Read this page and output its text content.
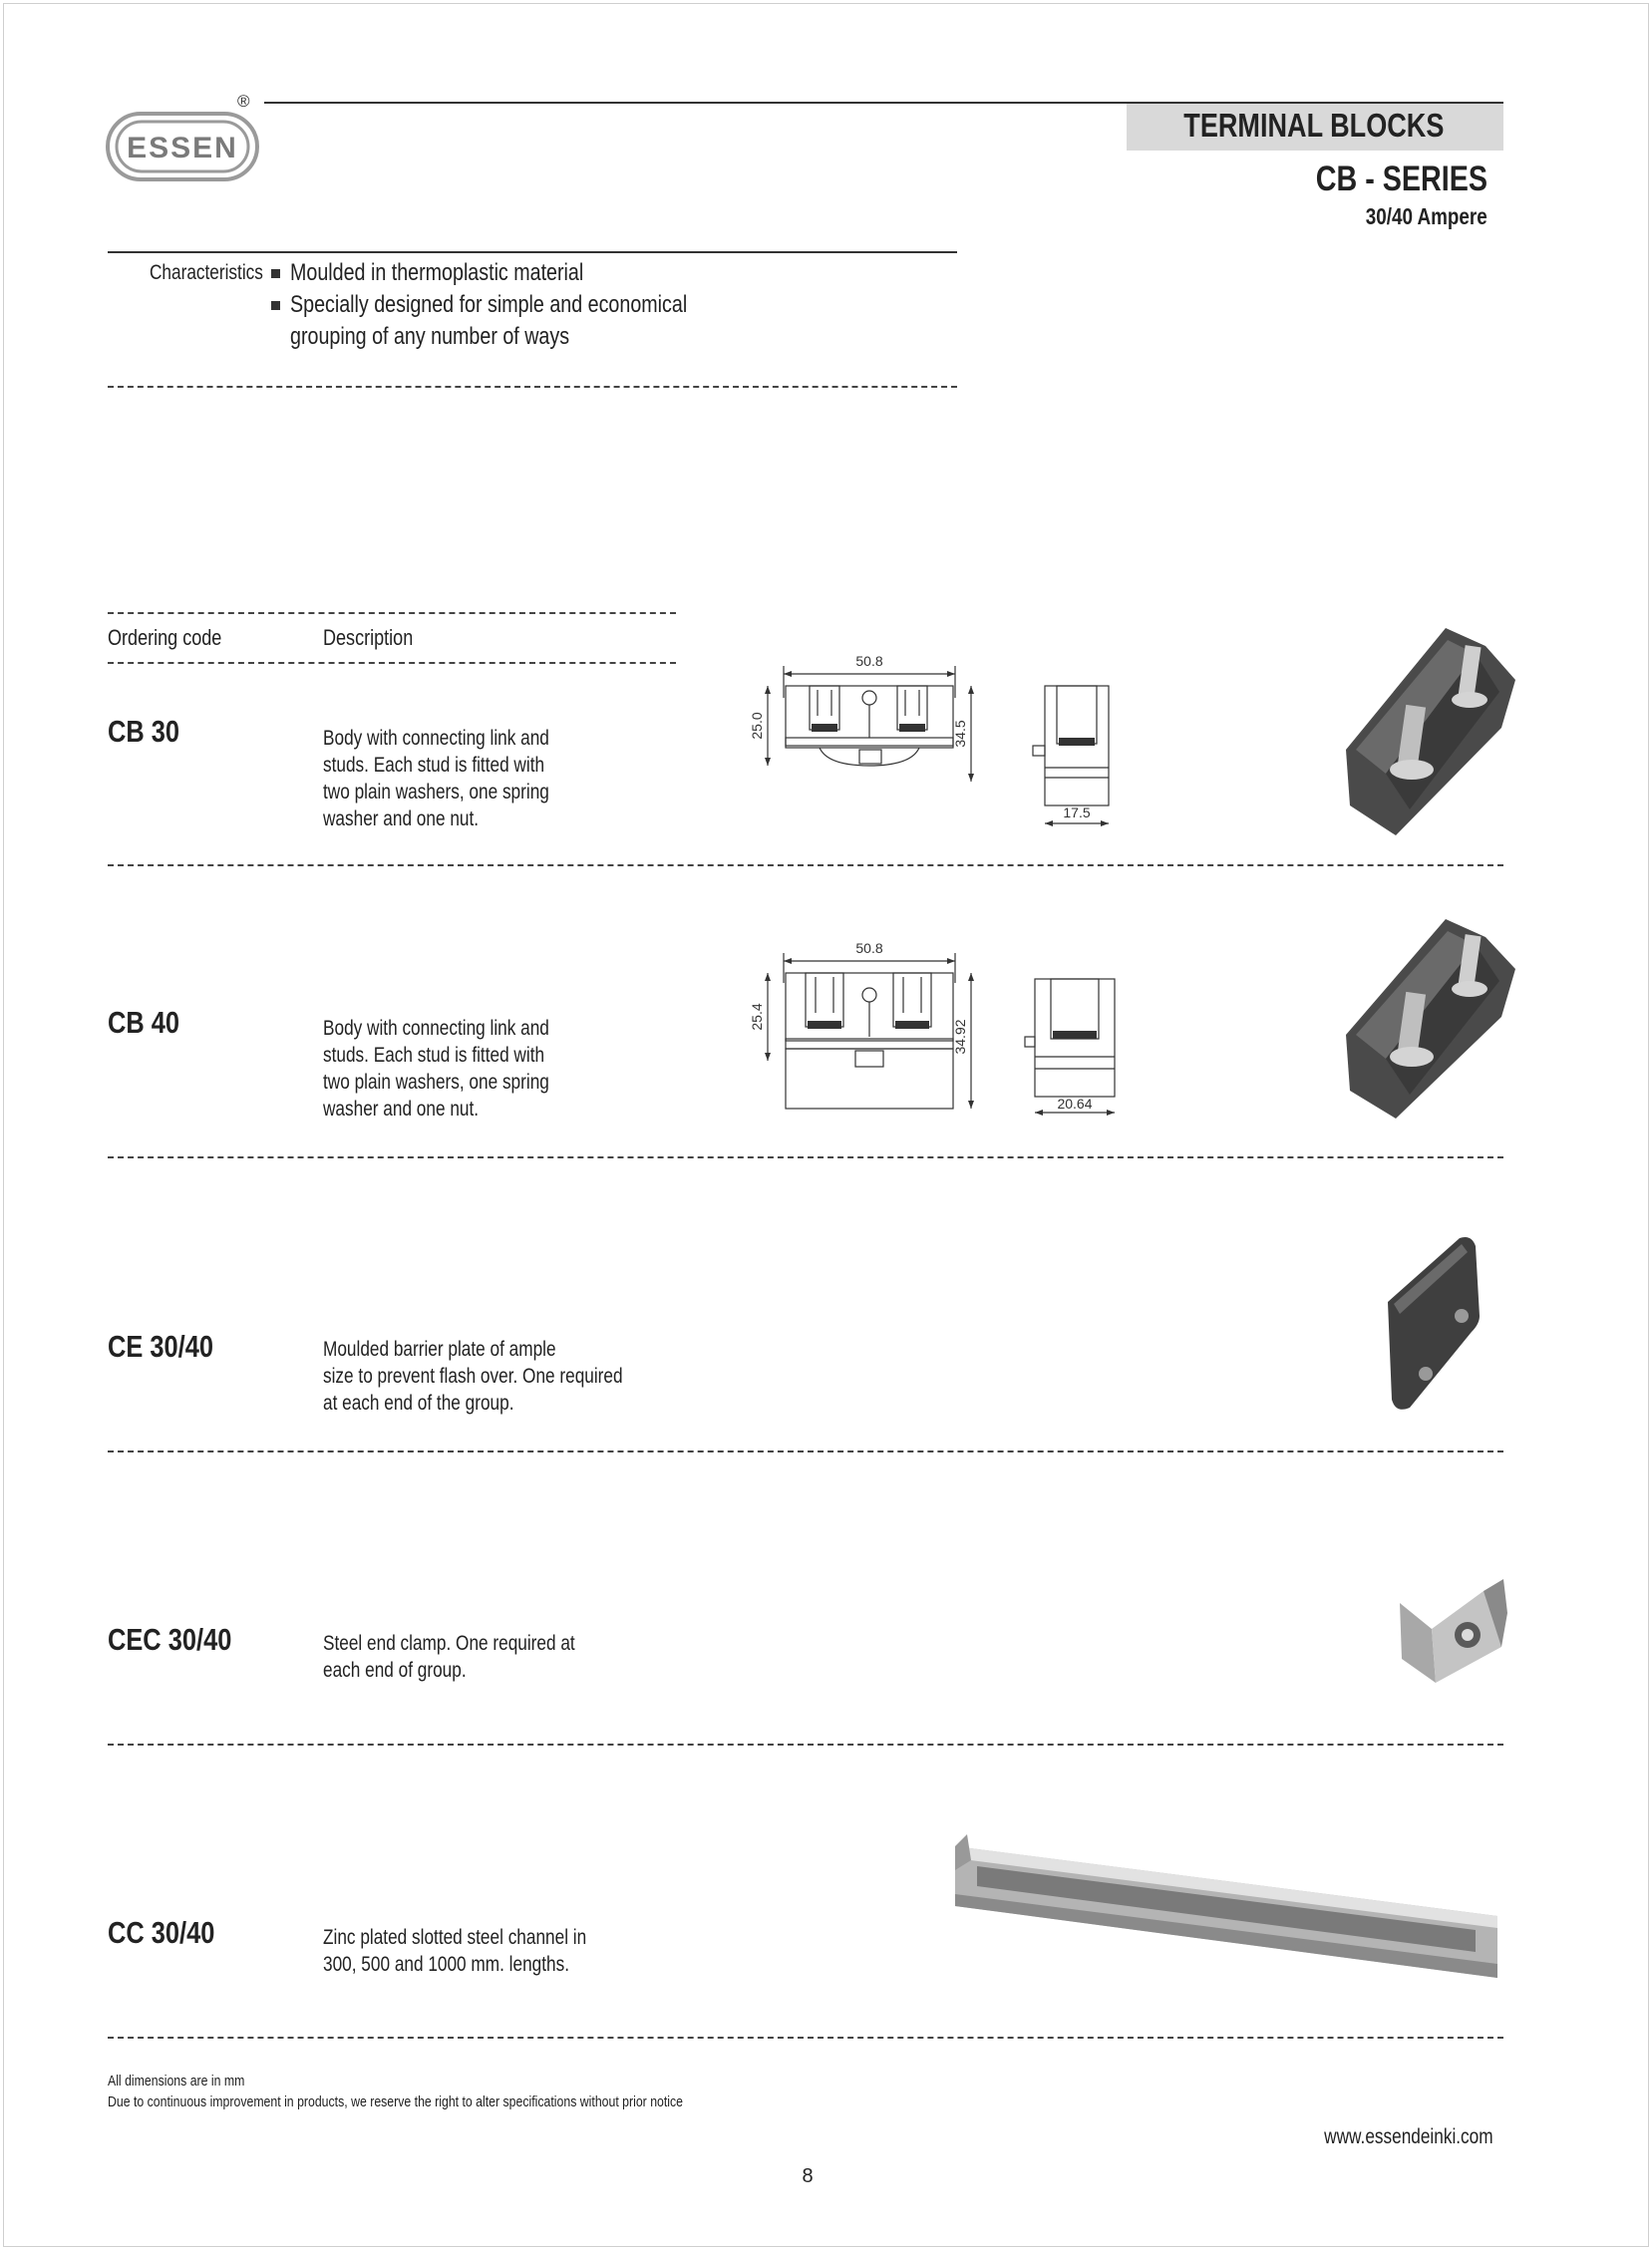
ESSEN
®
TERMINAL BLOCKS
CB - SERIES
30/40 Ampere
Characteristics	Moulded in thermoplastic material
Specially designed for simple and economical
grouping of any number of ways
Ordering code	Description
CB 30	Body with connecting link and
studs. Each stud is fitted with
two plain washers, one spring
washer and one nut.
50.8
25.0	34.5
17.5
CB 40	Body with connecting link and
studs. Each stud is fitted with
two plain washers, one spring
washer and one nut.
50.8
25.4
34.92
20.64
CE 30/40	Moulded barrier plate of ample
size to prevent flash over. One required
at each end of the group.
CEC 30/40	Steel end clamp. One required at
each end of group.
CC 30/40	Zinc plated slotted steel channel in
300, 500 and 1000 mm. lengths.
All dimensions are in mm
Due to continuous improvement in products, we reserve the right to alter specifications without prior notice
www.essendeinki.com
8
